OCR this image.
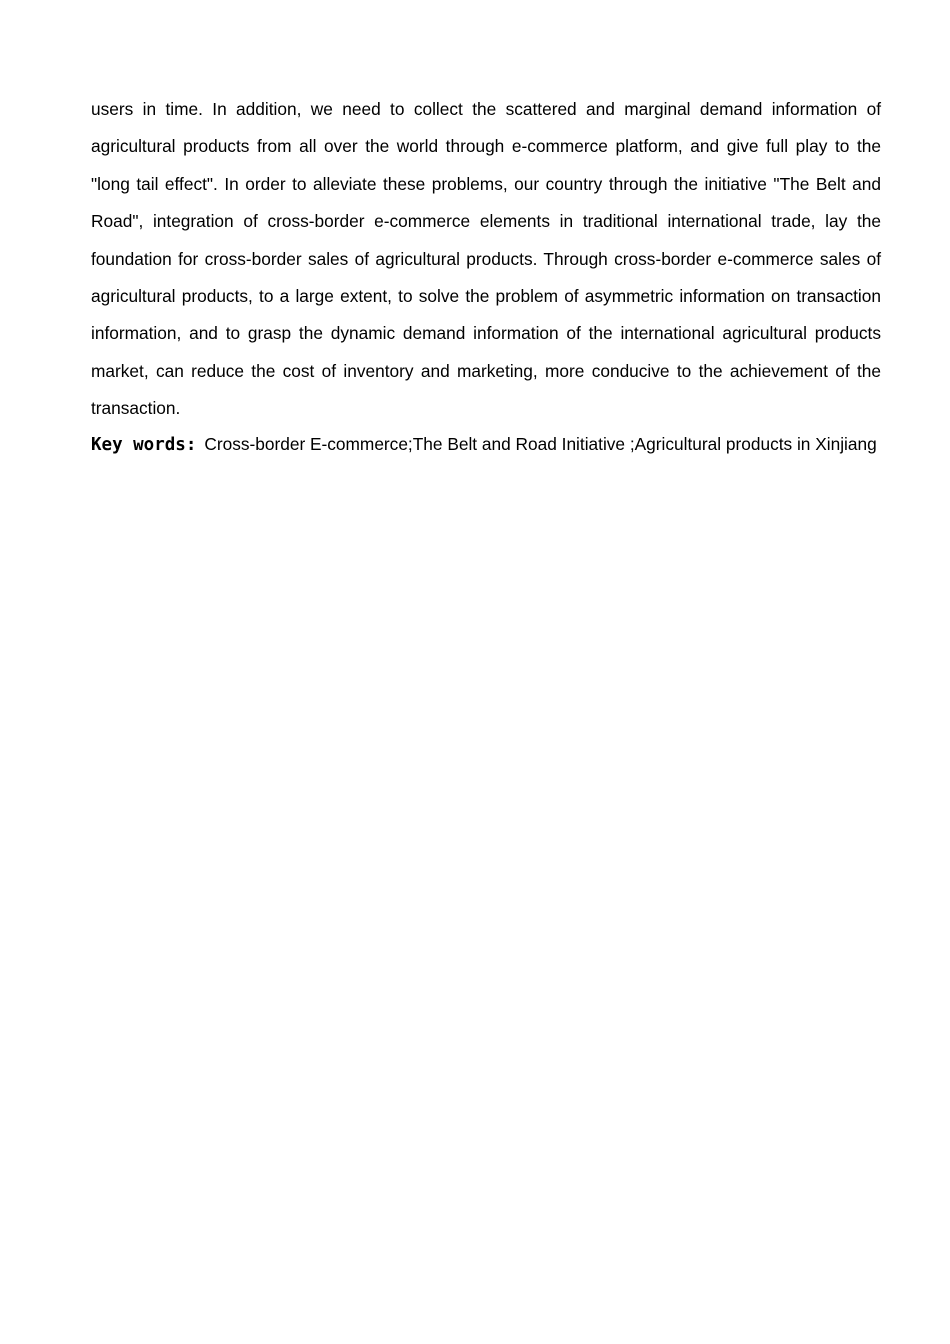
users in time. In addition, we need to collect the scattered and marginal demand information of agricultural products from all over the world through e-commerce platform, and give full play to the "long tail effect". In order to alleviate these problems, our country through the initiative "The Belt and Road", integration of cross-border e-commerce elements in traditional international trade, lay the foundation for cross-border sales of agricultural products. Through cross-border e-commerce sales of agricultural products, to a large extent, to solve the problem of asymmetric information on transaction information, and to grasp the dynamic demand information of the international agricultural products market, can reduce the cost of inventory and marketing, more conducive to the achievement of the transaction.

Key words: Cross-border E-commerce;The Belt and Road Initiative ;Agricultural products in Xinjiang
